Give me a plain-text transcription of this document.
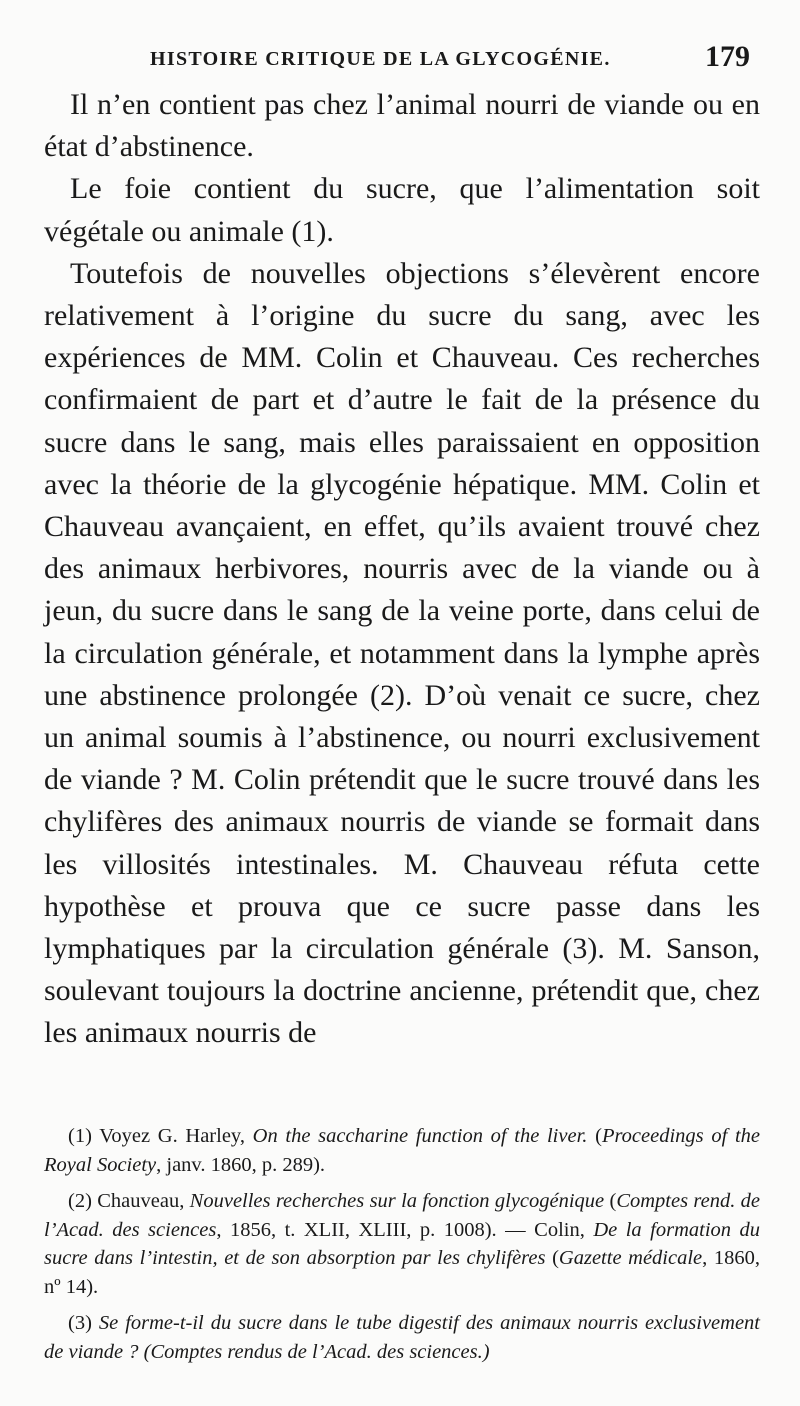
HISTOIRE CRITIQUE DE LA GLYCOGÉNIE.	179

Il n’en contient pas chez l’animal nourri de viande ou en état d’abstinence.

Le foie contient du sucre, que l’alimentation soit végétale ou animale (1).

Toutefois de nouvelles objections s’élevèrent encore relativement à l’origine du sucre du sang, avec les expériences de MM. Colin et Chauveau. Ces recherches confirmaient de part et d’autre le fait de la présence du sucre dans le sang, mais elles paraissaient en opposition avec la théorie de la glycogénie hépatique. MM. Colin et Chauveau avançaient, en effet, qu’ils avaient trouvé chez des animaux herbivores, nourris avec de la viande ou à jeun, du sucre dans le sang de la veine porte, dans celui de la circulation générale, et notamment dans la lymphe après une abstinence prolongée (2). D’où venait ce sucre, chez un animal soumis à l’abstinence, ou nourri exclusivement de viande ? M. Colin prétendit que le sucre trouvé dans les chylifères des animaux nourris de viande se formait dans les villosités intestinales. M. Chauveau réfuta cette hypothèse et prouva que ce sucre passe dans les lymphatiques par la circulation générale (3). M. Sanson, soulevant toujours la doctrine ancienne, prétendit que, chez les animaux nourris de

(1) Voyez G. Harley, On the saccharine function of the liver. (Proceedings of the Royal Society, janv. 1860, p. 289).

(2) Chauveau, Nouvelles recherches sur la fonction glycogénique (Comptes rend. de l’Acad. des sciences, 1856, t. XLII, XLIII, p. 1008). — Colin, De la formation du sucre dans l’intestin, et de son absorption par les chylifères (Gazette médicale, 1860, nº 14).

(3) Se forme-t-il du sucre dans le tube digestif des animaux nourris exclusivement de viande ? (Comptes rendus de l’Acad. des sciences.)
